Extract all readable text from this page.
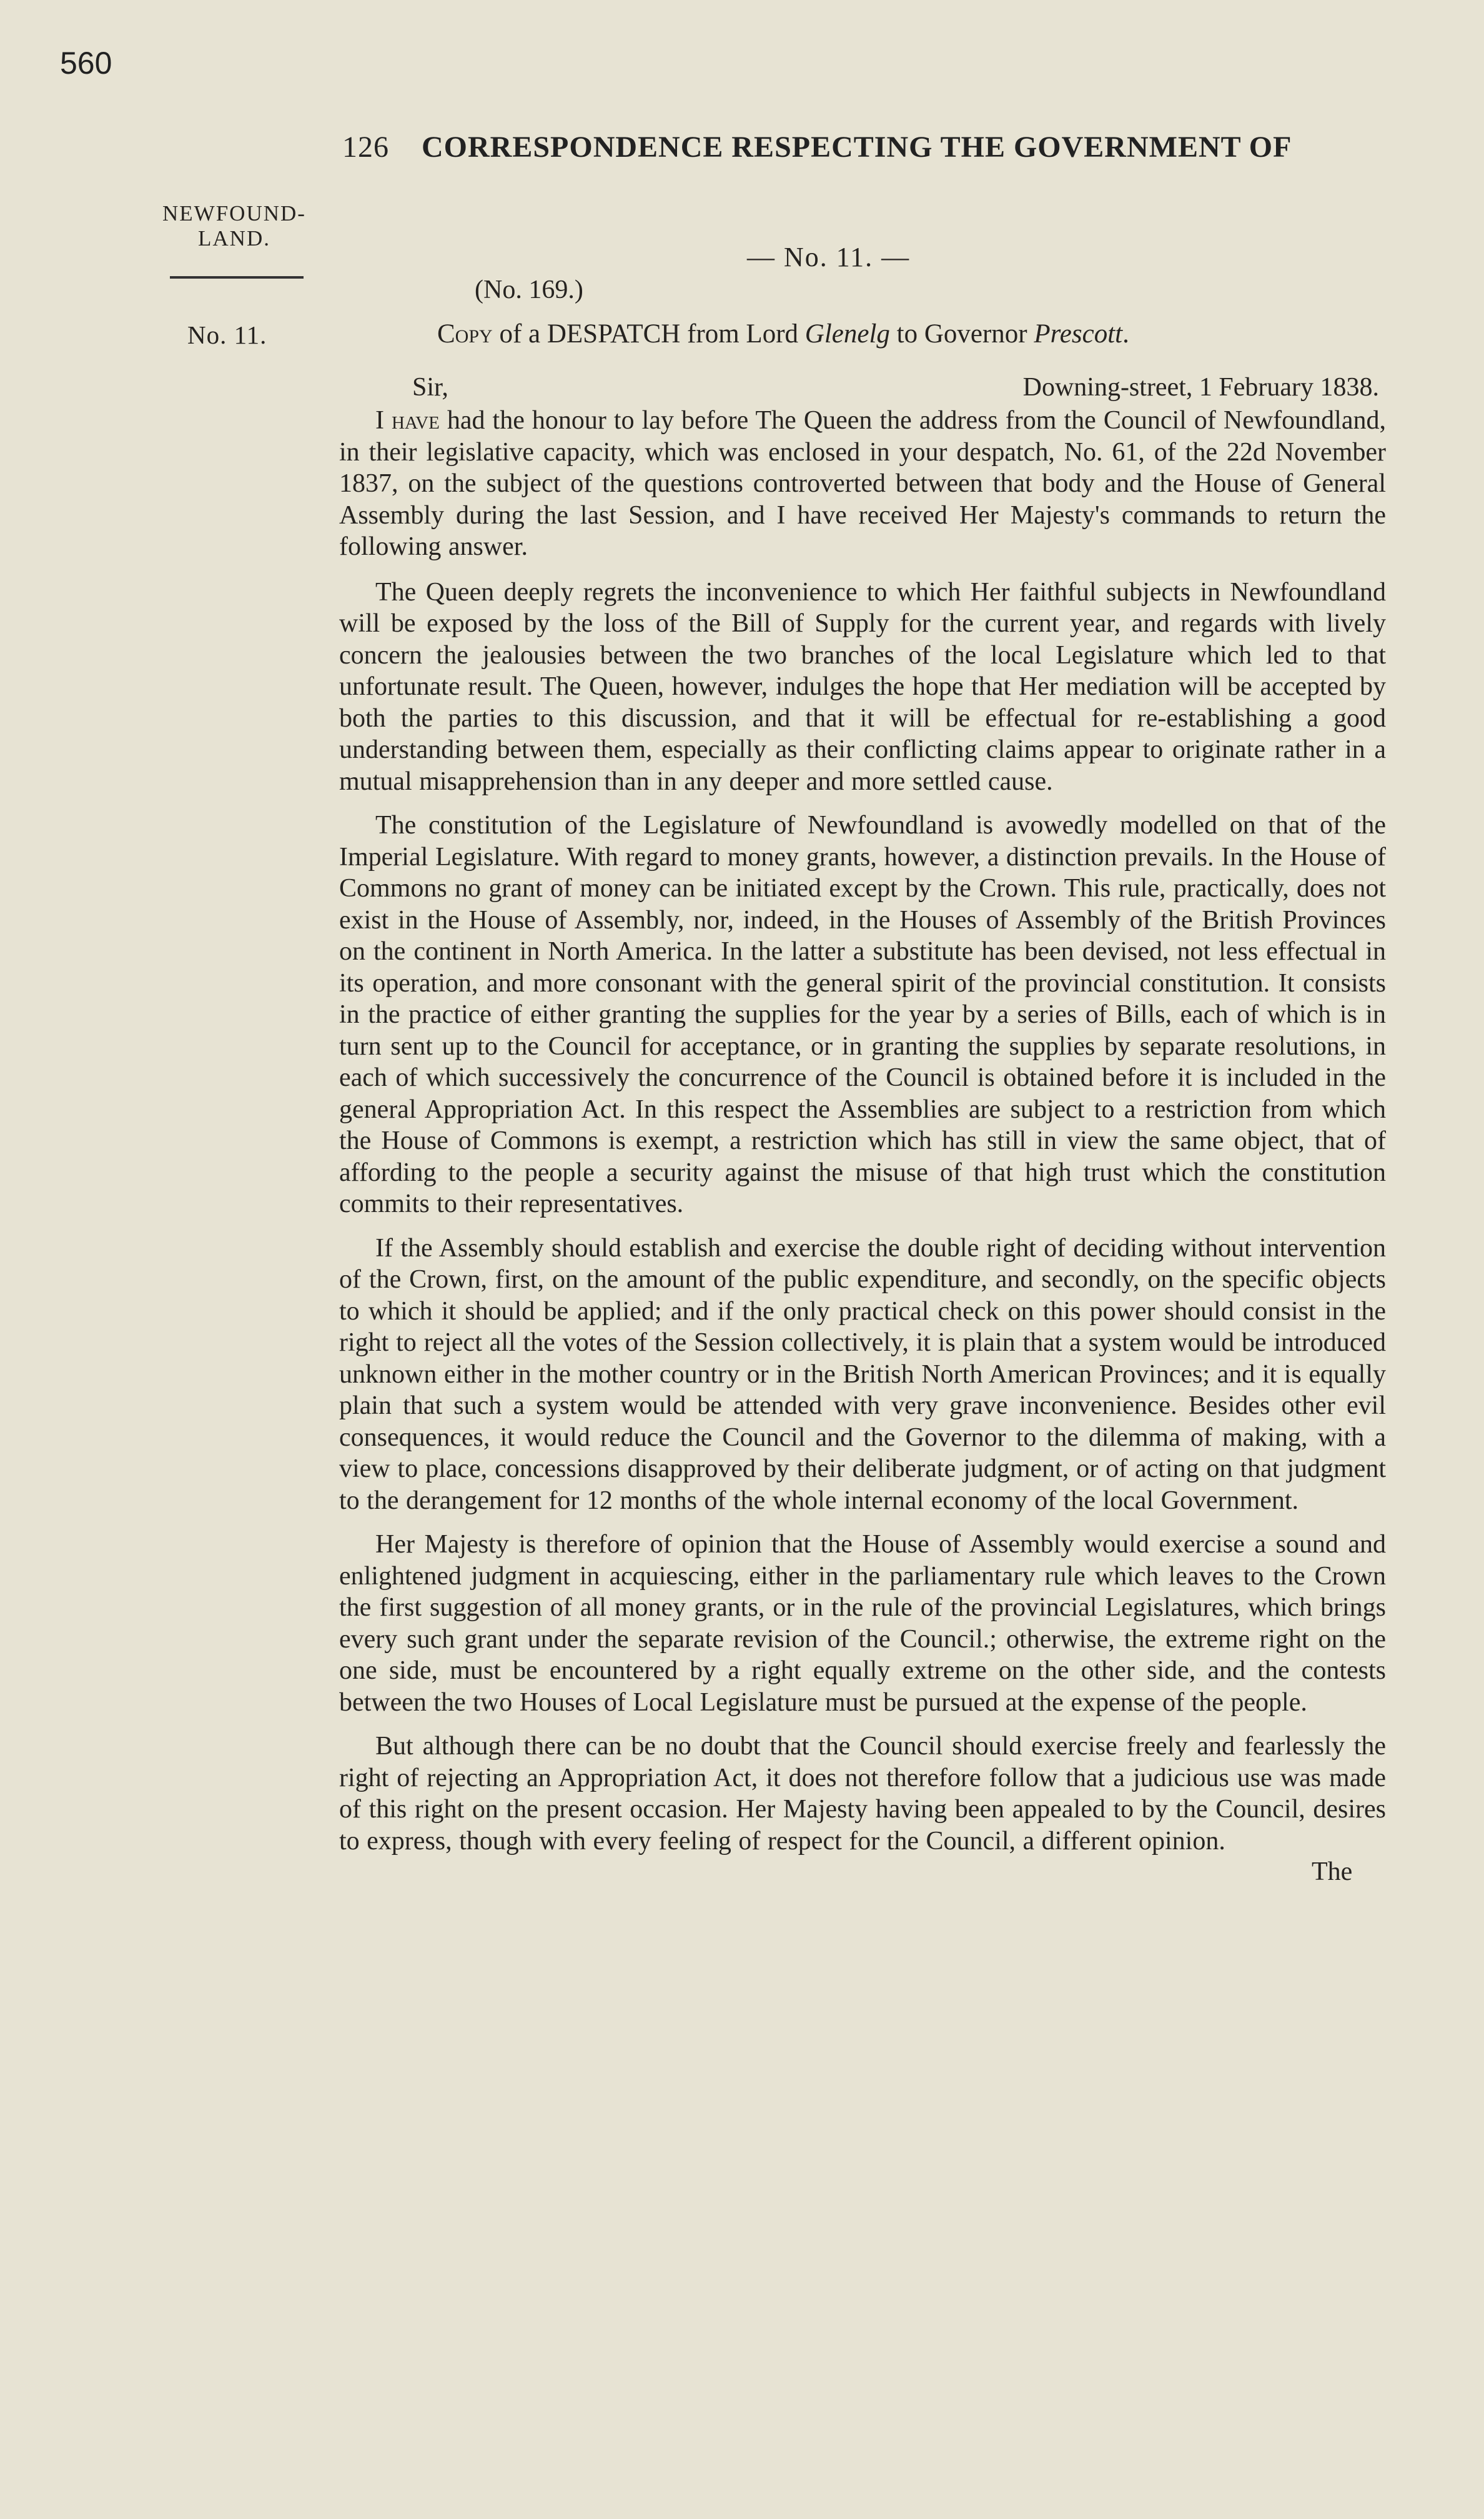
560
126 CORRESPONDENCE RESPECTING THE GOVERNMENT OF
NEWFOUND-
LAND.
No. 11.
— No. 11. —
(No. 169.)
Copy of a DESPATCH from Lord Glenelg to Governor Prescott.
Sir,	Downing-street, 1 February 1838.

I have had the honour to lay before The Queen the address from the Council of Newfoundland, in their legislative capacity, which was enclosed in your despatch, No. 61, of the 22d November 1837, on the subject of the questions controverted between that body and the House of General Assembly during the last Session, and I have received Her Majesty's commands to return the following answer.

The Queen deeply regrets the inconvenience to which Her faithful subjects in Newfoundland will be exposed by the loss of the Bill of Supply for the current year, and regards with lively concern the jealousies between the two branches of the local Legislature which led to that unfortunate result. The Queen, however, indulges the hope that Her mediation will be accepted by both the parties to this discussion, and that it will be effectual for re-establishing a good understanding between them, especially as their conflicting claims appear to originate rather in a mutual misapprehension than in any deeper and more settled cause.

The constitution of the Legislature of Newfoundland is avowedly modelled on that of the Imperial Legislature. With regard to money grants, however, a distinction prevails. In the House of Commons no grant of money can be initiated except by the Crown. This rule, practically, does not exist in the House of Assembly, nor, indeed, in the Houses of Assembly of the British Provinces on the continent in North America. In the latter a substitute has been devised, not less effectual in its operation, and more consonant with the general spirit of the provincial constitution. It consists in the practice of either granting the supplies for the year by a series of Bills, each of which is in turn sent up to the Council for acceptance, or in granting the supplies by separate resolutions, in each of which successively the concurrence of the Council is obtained before it is included in the general Appropriation Act. In this respect the Assemblies are subject to a restriction from which the House of Commons is exempt, a restriction which has still in view the same object, that of affording to the people a security against the misuse of that high trust which the constitution commits to their representatives.

If the Assembly should establish and exercise the double right of deciding without intervention of the Crown, first, on the amount of the public expenditure, and secondly, on the specific objects to which it should be applied; and if the only practical check on this power should consist in the right to reject all the votes of the Session collectively, it is plain that a system would be introduced unknown either in the mother country or in the British North American Provinces; and it is equally plain that such a system would be attended with very grave inconvenience. Besides other evil consequences, it would reduce the Council and the Governor to the dilemma of making, with a view to place, concessions disapproved by their deliberate judgment, or of acting on that judgment to the derangement for 12 months of the whole internal economy of the local Government.

Her Majesty is therefore of opinion that the House of Assembly would exercise a sound and enlightened judgment in acquiescing, either in the parliamentary rule which leaves to the Crown the first suggestion of all money grants, or in the rule of the provincial Legislatures, which brings every such grant under the separate revision of the Council.; otherwise, the extreme right on the one side, must be encountered by a right equally extreme on the other side, and the contests between the two Houses of Local Legislature must be pursued at the expense of the people.

But although there can be no doubt that the Council should exercise freely and fearlessly the right of rejecting an Appropriation Act, it does not therefore follow that a judicious use was made of this right on the present occasion. Her Majesty having been appealed to by the Council, desires to express, though with every feeling of respect for the Council, a different opinion.

The
